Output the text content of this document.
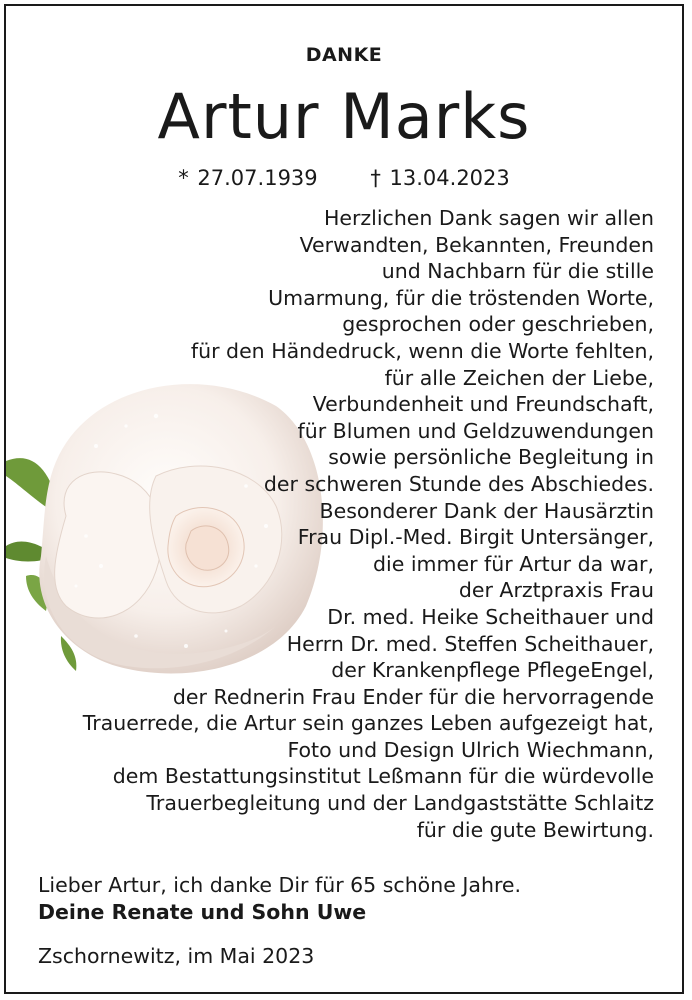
DANKE
Artur Marks
* 27.07.1939	† 13.04.2023
Herzlichen Dank sagen wir allen
Verwandten, Bekannten, Freunden
und Nachbarn für die stille
Umarmung, für die tröstenden Worte,
gesprochen oder geschrieben,
für den Händedruck, wenn die Worte fehlten,
für alle Zeichen der Liebe,
Verbundenheit und Freundschaft,
für Blumen und Geldzuwendungen
sowie persönliche Begleitung in
der schweren Stunde des Abschiedes.
Besonderer Dank der Hausärztin
Frau Dipl.-Med. Birgit Untersänger,
die immer für Artur da war,
der Arztpraxis Frau
Dr. med. Heike Scheithauer und
Herrn Dr. med. Steffen Scheithauer,
der Krankenpflege PflegeEngel,
der Rednerin Frau Ender für die hervorragende
Trauerrede, die Artur sein ganzes Leben aufgezeigt hat,
Foto und Design Ulrich Wiechmann,
dem Bestattungsinstitut Leßmann für die würdevolle
Trauerbegleitung und der Landgaststätte Schlaitz
für die gute Bewirtung.
Lieber Artur, ich danke Dir für 65 schöne Jahre.
Deine Renate und Sohn Uwe
Zschornewitz, im Mai 2023
